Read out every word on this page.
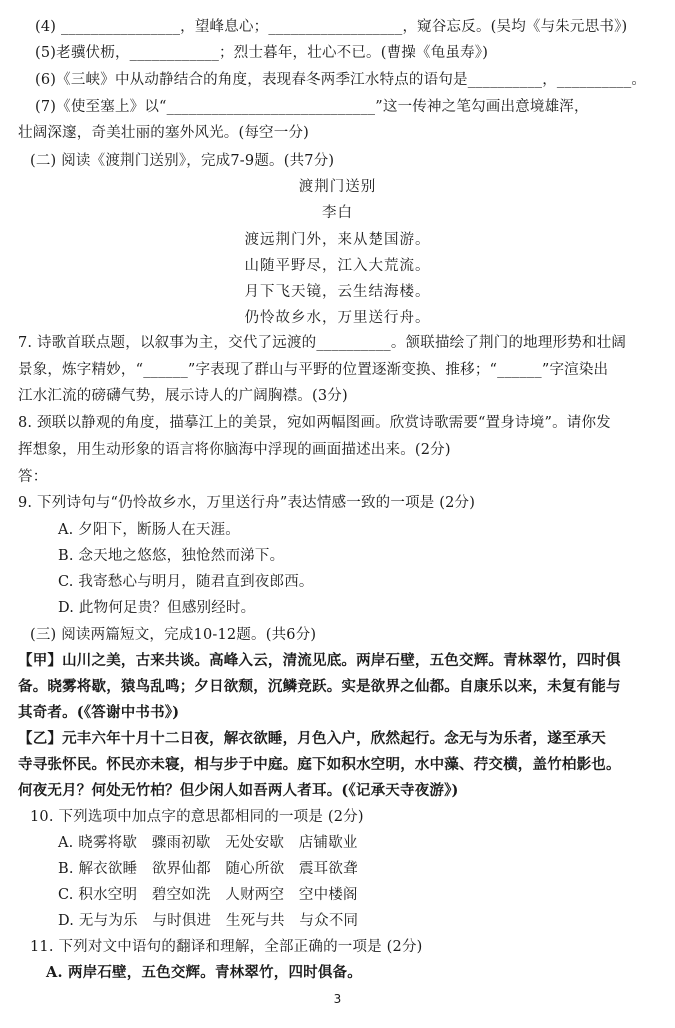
(4) ________________，望峰息心；__________________，窥谷忘反。(吴均《与朱元思书》)
(5)老骥伏枥，____________；烈士暮年，壮心不已。(曹操《龟虽寿》)
(6)《三峡》中从动静结合的角度，表现春冬两季江水特点的语句是__________，__________。
(7)《使至塞上》以“____________________________”这一传神之笔勾画出意境雄浑，
壮阔深邃，奇美壮丽的塞外风光。(每空一分)
(二) 阅读《渡荆门送别》，完成7-9题。(共7分)
7. 诗歌首联点题，以叙事为主，交代了远渡的__________。颔联描绘了荆门的地理形势和壮阔
景象，炼字精妙，“______”字表现了群山与平野的位置逐渐变换、推移；“______”字渲染出
江水汇流的磅礴气势，展示诗人的广阔胸襟。(3分)
8. 颈联以静观的角度，描摹江上的美景，宛如两幅图画。欣赏诗歌需要“置身诗境”。请你发
挥想象，用生动形象的语言将你脑海中浮现的画面描述出来。(2分)
答：
9. 下列诗句与“仍怜故乡水，万里送行舟”表达情感一致的一项是 (2分)
A. 夕阳下，断肠人在天涯。
B. 念天地之悠悠，独怆然而涕下。
C. 我寄愁心与明月，随君直到夜郎西。
D. 此物何足贵？但感别经时。
(三) 阅读两篇短文，完成10-12题。(共6分)
【甲】山川之美，古来共谈。高峰入云，清流见底。两岸石壁，五色交辉。青林翠竹，四时俱
备。晓雾将歇，猿鸟乱鸣；夕日欲颓，沉鳞竞跃。实是欲界之仙都。自康乐以来，未复有能与
其奇者。(《答谢中书书》)
【乙】元丰六年十月十二日夜，解衣欲睡，月色入户，欣然起行。念无与为乐者，遂至承天
寺寻张怀民。怀民亦未寝，相与步于中庭。庭下如积水空明，水中藻、荇交横，盖竹柏影也。
何夜无月？何处无竹柏？但少闲人如吾两人者耳。(《记承天寺夜游》)
10. 下列选项中加点字的意思都相同的一项是 (2分)
A. 晓雾将歇　骤雨初歇　无处安歇　店铺歇业
B. 解衣欲睡　欲界仙都　随心所欲　震耳欲聋
C. 积水空明　碧空如洗　人财两空　空中楼阁
D. 无与为乐　与时俱进　生死与共　与众不同
11. 下列对文中语句的翻译和理解，全部正确的一项是 (2分)
A. 两岸石壁，五色交辉。青林翠竹，四时俱备。
渡荆门送别
李白
渡远荆门外，来从楚国游。
山随平野尽，江入大荒流。
月下飞天镜，云生结海楼。
仍怜故乡水，万里送行舟。
3
